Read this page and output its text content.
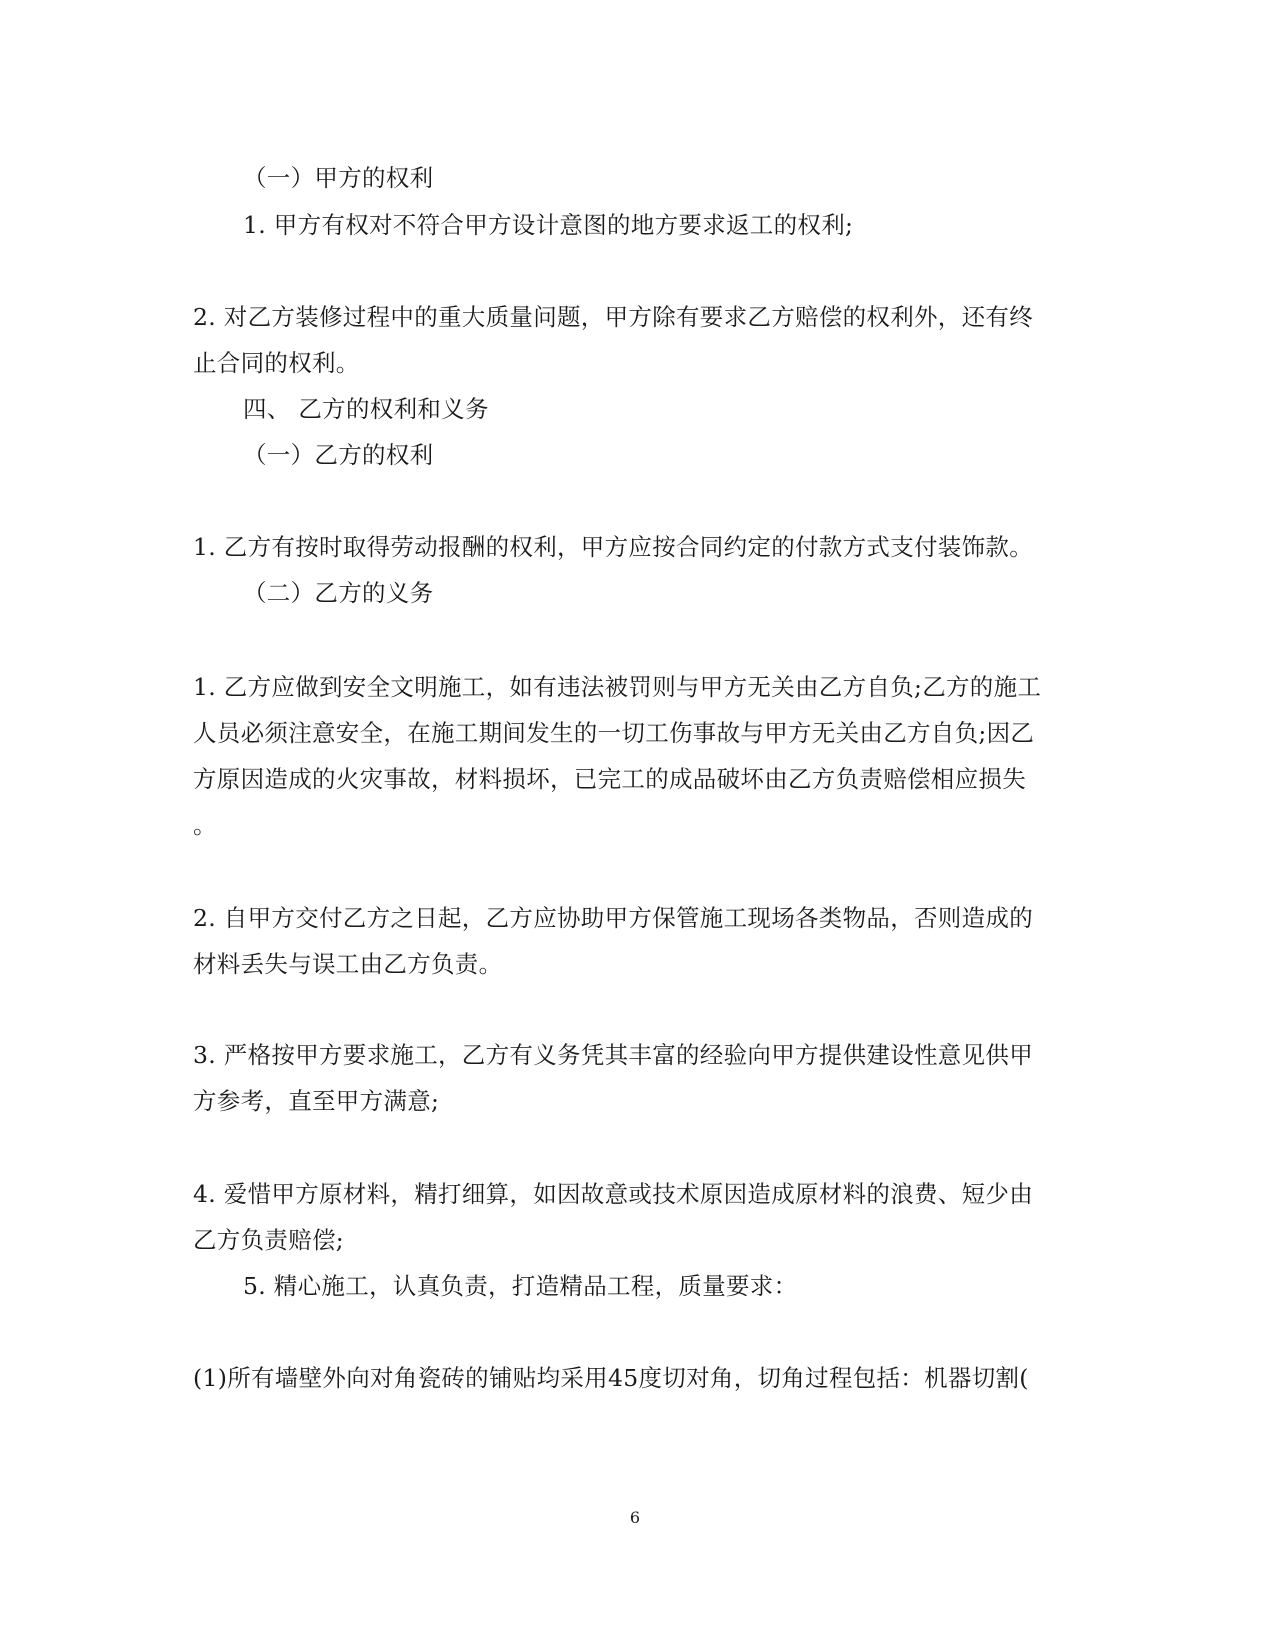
（一）甲方的权利
1. 甲方有权对不符合甲方设计意图的地方要求返工的权利;
2. 对乙方装修过程中的重大质量问题，甲方除有要求乙方赔偿的权利外，还有终
止合同的权利。
四、 乙方的权利和义务
（一）乙方的权利
1. 乙方有按时取得劳动报酬的权利，甲方应按合同约定的付款方式支付装饰款。
（二）乙方的义务
1. 乙方应做到安全文明施工，如有违法被罚则与甲方无关由乙方自负;乙方的施工
人员必须注意安全，在施工期间发生的一切工伤事故与甲方无关由乙方自负;因乙
方原因造成的火灾事故，材料损坏，已完工的成品破坏由乙方负责赔偿相应损失
。
2. 自甲方交付乙方之日起，乙方应协助甲方保管施工现场各类物品，否则造成的
材料丢失与误工由乙方负责。
3. 严格按甲方要求施工，乙方有义务凭其丰富的经验向甲方提供建设性意见供甲
方参考，直至甲方满意;
4. 爱惜甲方原材料，精打细算，如因故意或技术原因造成原材料的浪费、短少由
乙方负责赔偿;
5. 精心施工，认真负责，打造精品工程，质量要求：
(1)所有墙壁外向对角瓷砖的铺贴均采用45度切对角，切角过程包括：机器切割(
6
